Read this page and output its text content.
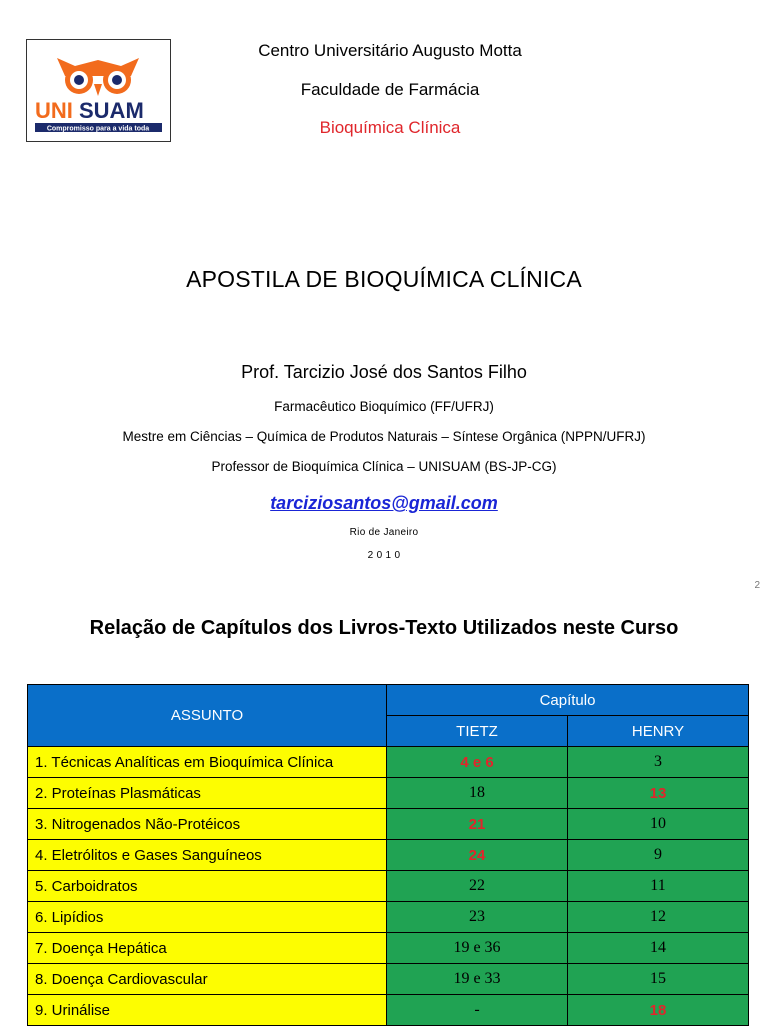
UNI SUAM
Compromisso para a vida toda
Centro Universitário Augusto Motta
Faculdade de Farmácia
Bioquímica Clínica
APOSTILA DE BIOQUÍMICA CLÍNICA
Prof. Tarcizio José dos Santos Filho
Farmacêutico Bioquímico (FF/UFRJ)
Mestre em Ciências – Química de Produtos Naturais – Síntese Orgânica (NPPN/UFRJ)
Professor de Bioquímica Clínica – UNISUAM (BS-JP-CG)
tarciziosantos@gmail.com
Rio de Janeiro
2 0 1 0
2
Relação de Capítulos dos Livros-Texto Utilizados neste Curso
ASSUNTO	Capítulo	
	TIETZ	HENRY
1. Técnicas Analíticas em Bioquímica Clínica	4 e 6	3
2. Proteínas Plasmáticas	18	13
3. Nitrogenados Não-Protéicos	21	10
4. Eletrólitos e Gases Sanguíneos	24	9
5. Carboidratos	22	11
6. Lipídios	23	12
7. Doença Hepática	19 e 36	14
8. Doença Cardiovascular	19 e 33	15
9. Urinálise	-	18
